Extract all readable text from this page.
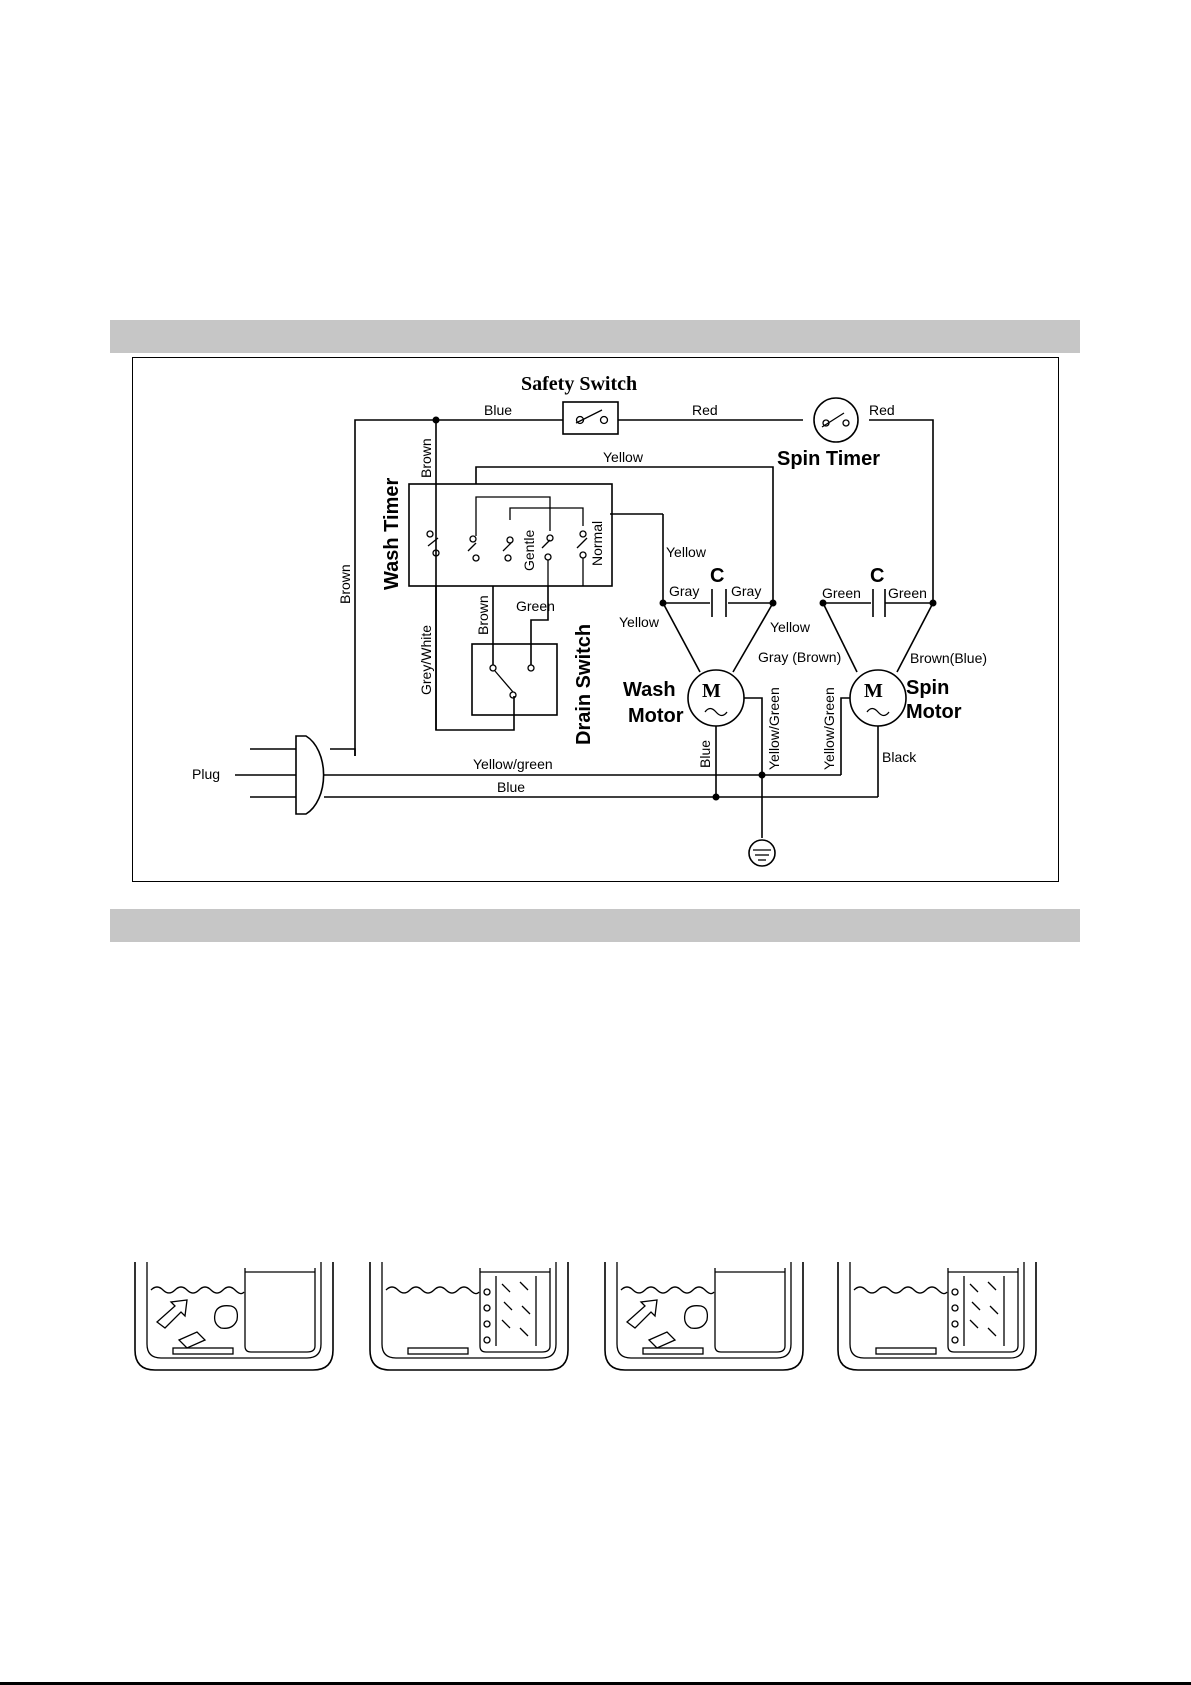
Safety Switch
Blue	Red	Red
Spin Timer
Yellow
Wash Timer
Brown
Brown
Gentle	Normal
Grey/White
Brown Green
Drain Switch
Yellow
C
Gray Gray
Yellow	Yellow
Gray (Brown)
M
Wash
Motor
C
Green Green
Brown(Blue)
M Spin
Motor
Blue	Yellow/Green	Yellow/Green	Black
Plug
Yellow/green
Blue
